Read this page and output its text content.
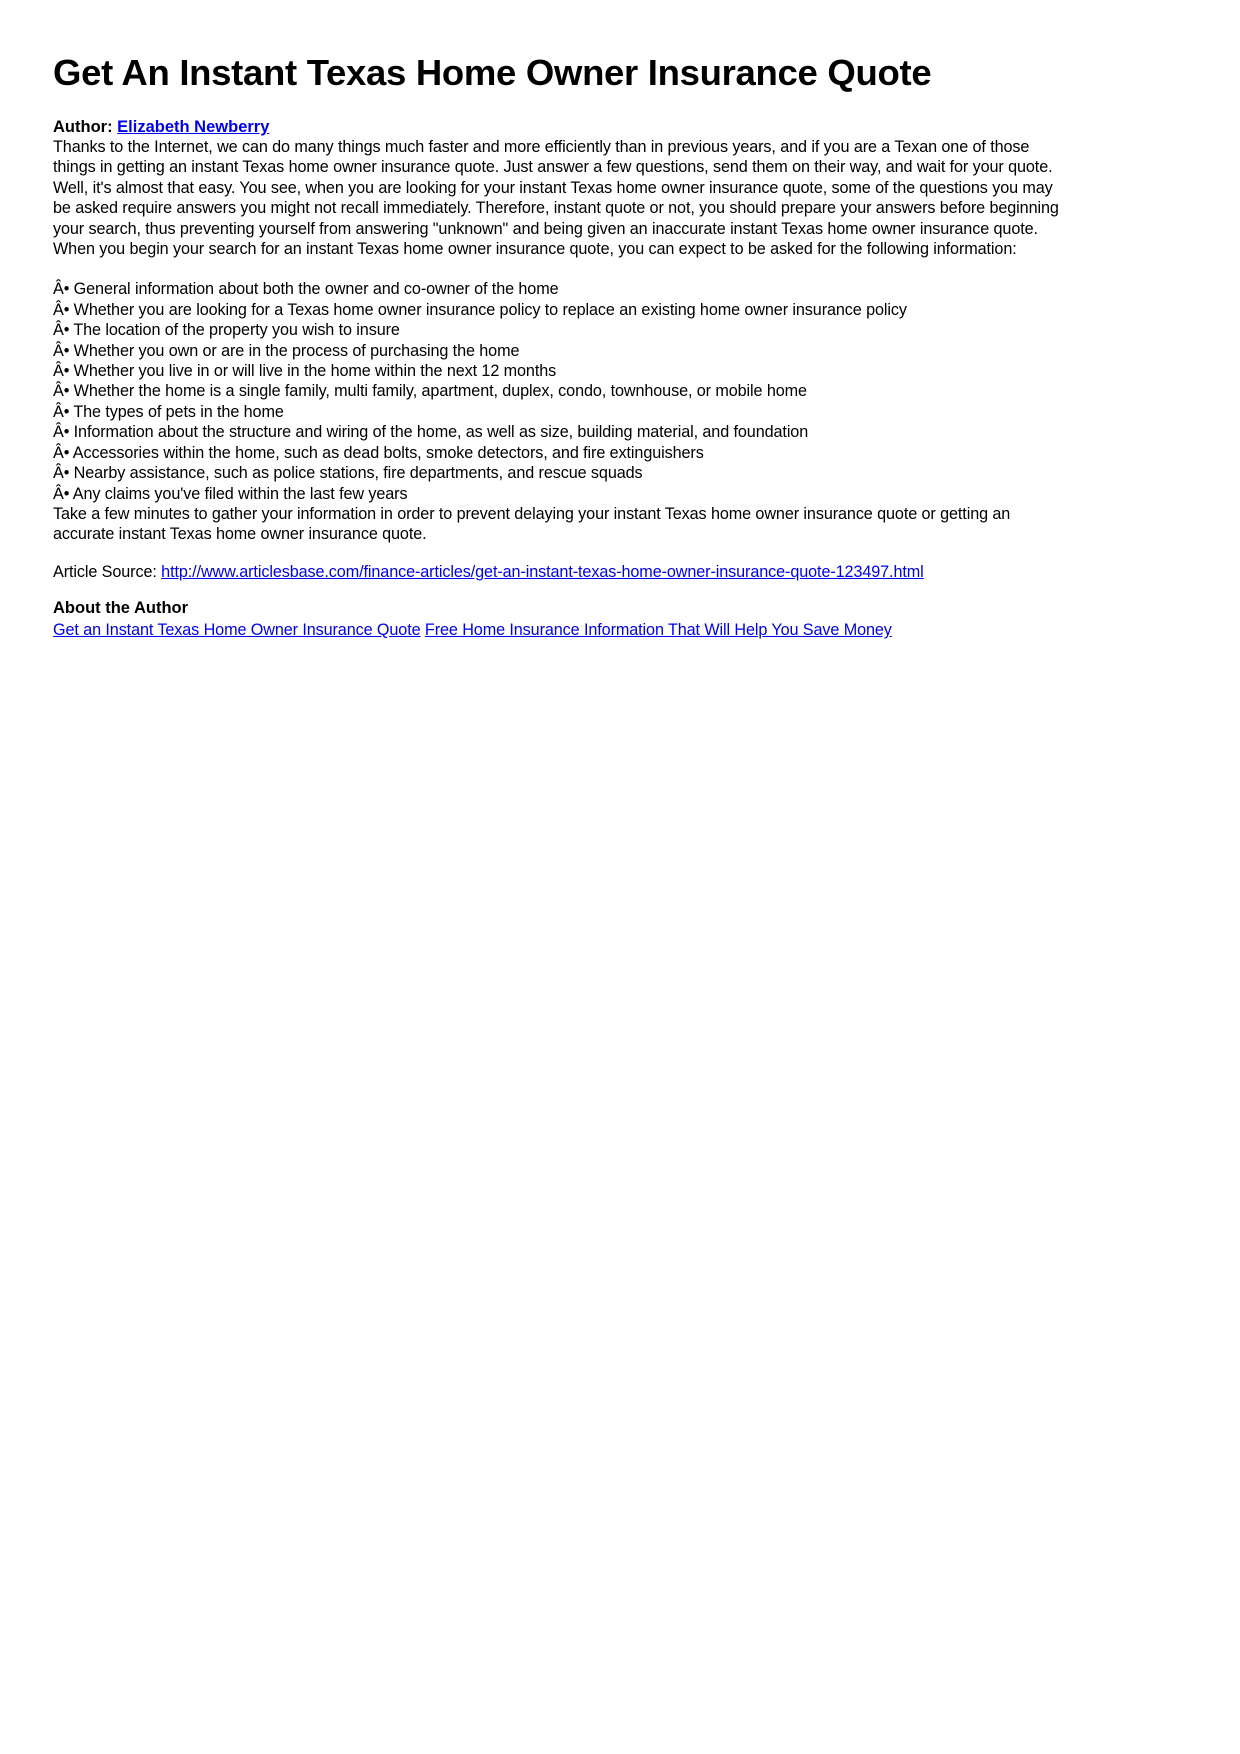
Get An Instant Texas Home Owner Insurance Quote
Author: Elizabeth Newberry

Thanks to the Internet, we can do many things much faster and more efficiently than in previous years, and if you are a Texan one of those things in getting an instant Texas home owner insurance quote. Just answer a few questions, send them on their way, and wait for your quote.

Well, it's almost that easy. You see, when you are looking for your instant Texas home owner insurance quote, some of the questions you may be asked require answers you might not recall immediately. Therefore, instant quote or not, you should prepare your answers before beginning your search, thus preventing yourself from answering "unknown" and being given an inaccurate instant Texas home owner insurance quote.

When you begin your search for an instant Texas home owner insurance quote, you can expect to be asked for the following information:

Â• General information about both the owner and co-owner of the home
Â• Whether you are looking for a Texas home owner insurance policy to replace an existing home owner insurance policy
Â• The location of the property you wish to insure
Â• Whether you own or are in the process of purchasing the home
Â• Whether you live in or will live in the home within the next 12 months
Â• Whether the home is a single family, multi family, apartment, duplex, condo, townhouse, or mobile home
Â• The types of pets in the home
Â• Information about the structure and wiring of the home, as well as size, building material, and foundation
Â• Accessories within the home, such as dead bolts, smoke detectors, and fire extinguishers
Â• Nearby assistance, such as police stations, fire departments, and rescue squads
Â• Any claims you've filed within the last few years

Take a few minutes to gather your information in order to prevent delaying your instant Texas home owner insurance quote or getting an accurate instant Texas home owner insurance quote.

Article Source: http://www.articlesbase.com/finance-articles/get-an-instant-texas-home-owner-insurance-quote-123497.html
About the Author
Get an Instant Texas Home Owner Insurance Quote Free Home Insurance Information That Will Help You Save Money
